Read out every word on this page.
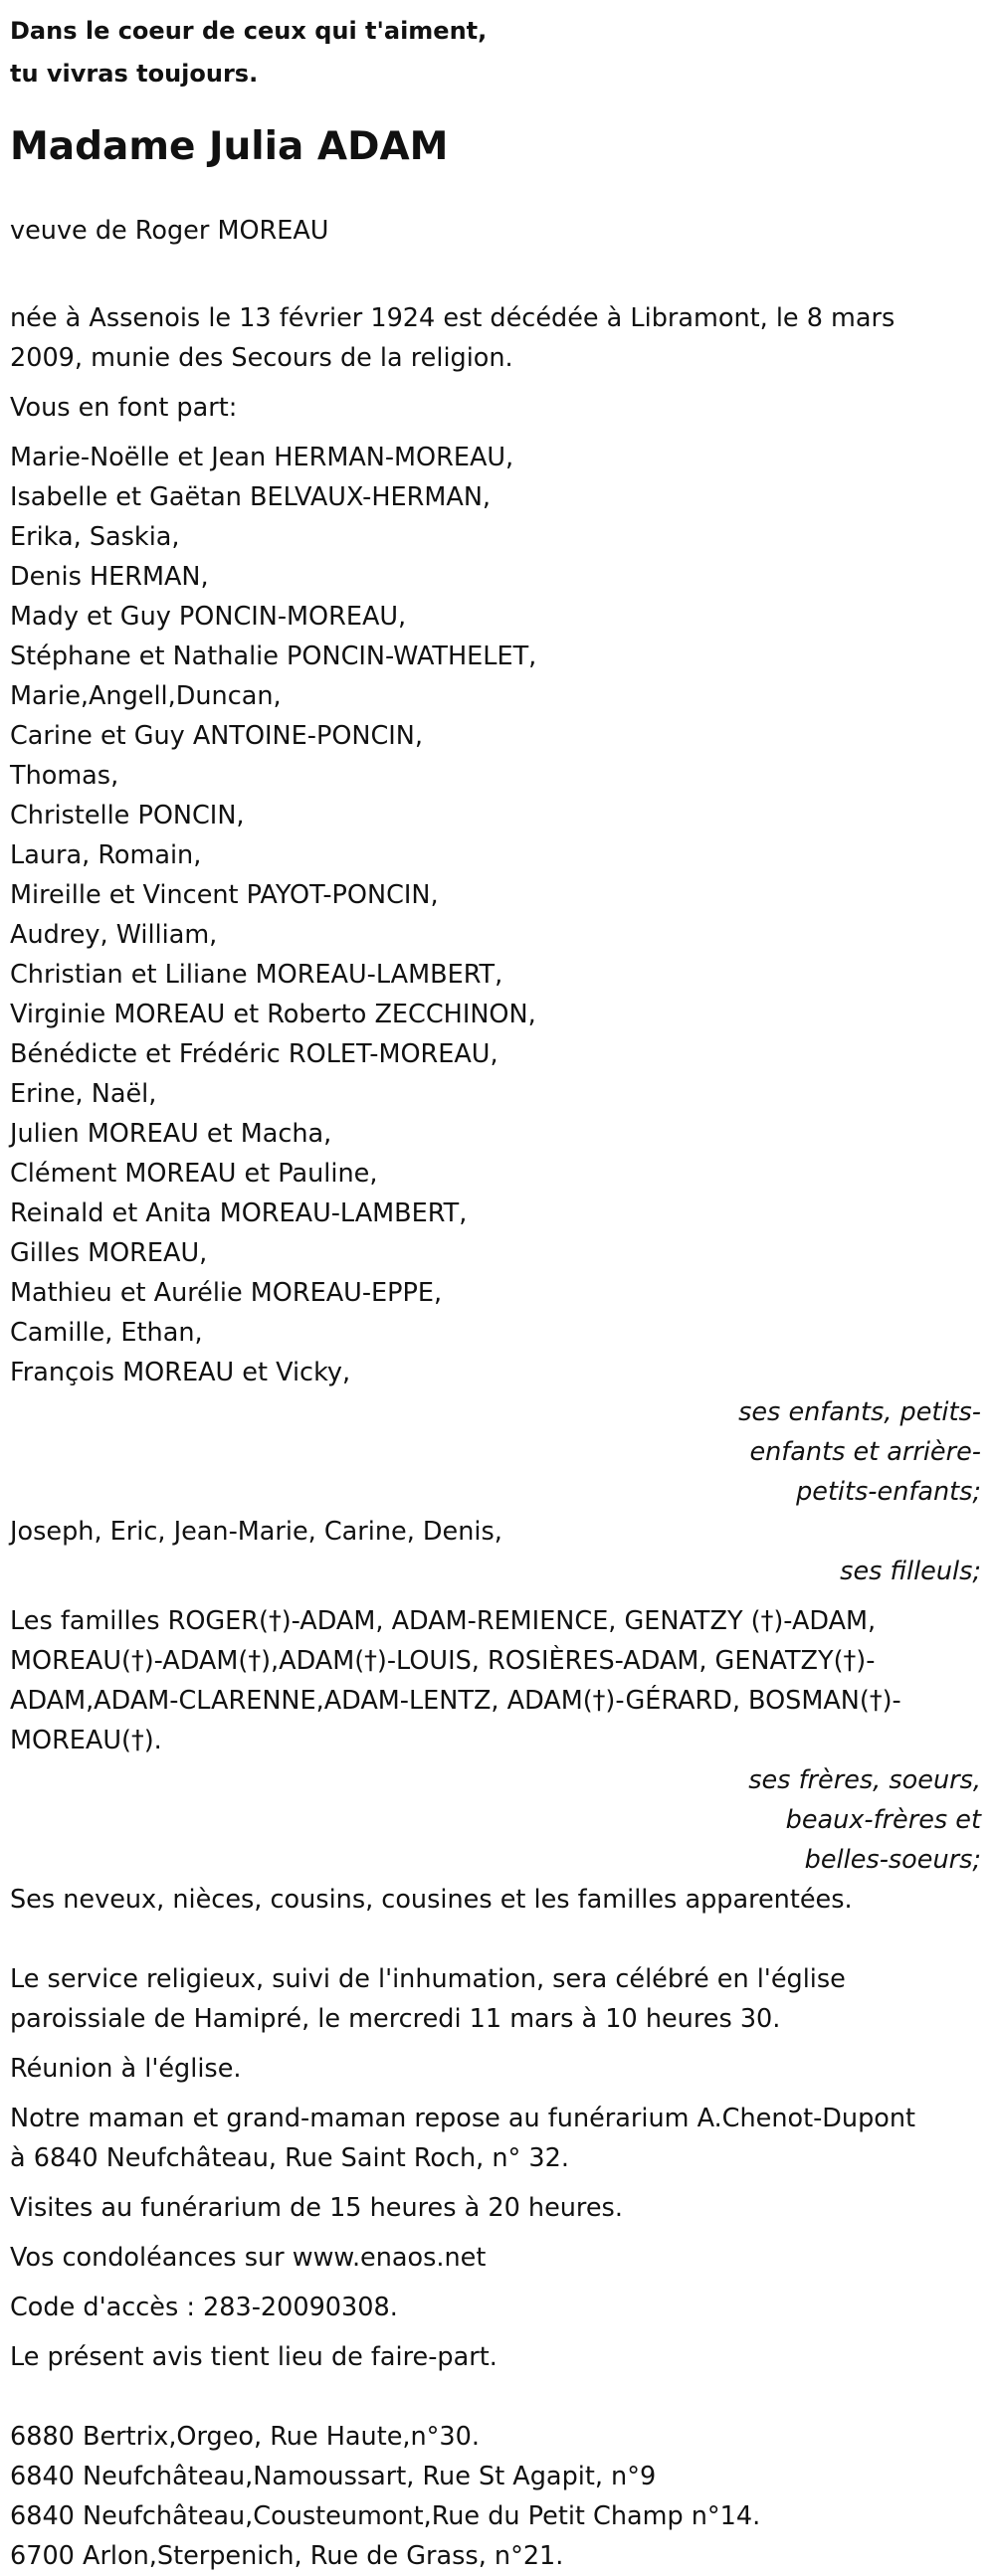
Dans le coeur de ceux qui t'aiment,
tu vivras toujours.
Madame Julia ADAM
veuve de Roger MOREAU
née à Assenois le 13 février 1924 est décédée à Libramont, le 8 mars
2009, munie des Secours de la religion.
Vous en font part:
Marie-Noëlle et Jean HERMAN-MOREAU,
Isabelle et Gaëtan BELVAUX-HERMAN,
Erika, Saskia,
Denis HERMAN,
Mady et Guy PONCIN-MOREAU,
Stéphane et Nathalie PONCIN-WATHELET,
Marie,Angell,Duncan,
Carine et Guy ANTOINE-PONCIN,
Thomas,
Christelle PONCIN,
Laura, Romain,
Mireille et Vincent PAYOT-PONCIN,
Audrey, William,
Christian et Liliane MOREAU-LAMBERT,
Virginie MOREAU et Roberto ZECCHINON,
Bénédicte et Frédéric ROLET-MOREAU,
Erine, Naël,
Julien MOREAU et Macha,
Clément MOREAU et Pauline,
Reinald et Anita MOREAU-LAMBERT,
Gilles MOREAU,
Mathieu et Aurélie MOREAU-EPPE,
Camille, Ethan,
François MOREAU et Vicky,
ses enfants, petits-
enfants et arrière-
petits-enfants;
Joseph, Eric, Jean-Marie, Carine, Denis,
ses filleuls;
Les familles ROGER(†)-ADAM, ADAM-REMIENCE, GENATZY (†)-ADAM,
MOREAU(†)-ADAM(†),ADAM(†)-LOUIS, ROSIÈRES-ADAM, GENATZY(†)-
ADAM,ADAM-CLARENNE,ADAM-LENTZ, ADAM(†)-GÉRARD, BOSMAN(†)-
MOREAU(†).
ses frères, soeurs,
beaux-frères et
belles-soeurs;
Ses neveux, nièces, cousins, cousines et les familles apparentées.
Le service religieux, suivi de l'inhumation, sera célébré en l'église
paroissiale de Hamipré, le mercredi 11 mars à 10 heures 30.
Réunion à l'église.
Notre maman et grand-maman repose au funérarium A.Chenot-Dupont
à 6840 Neufchâteau, Rue Saint Roch, n° 32.
Visites au funérarium de 15 heures à 20 heures.
Vos condoléances sur www.enaos.net
Code d'accès : 283-20090308.
Le présent avis tient lieu de faire-part.
6880 Bertrix,Orgeo, Rue Haute,n°30.
6840 Neufchâteau,Namoussart, Rue St Agapit, n°9
6840 Neufchâteau,Cousteumont,Rue du Petit Champ n°14.
6700 Arlon,Sterpenich, Rue de Grass, n°21.
